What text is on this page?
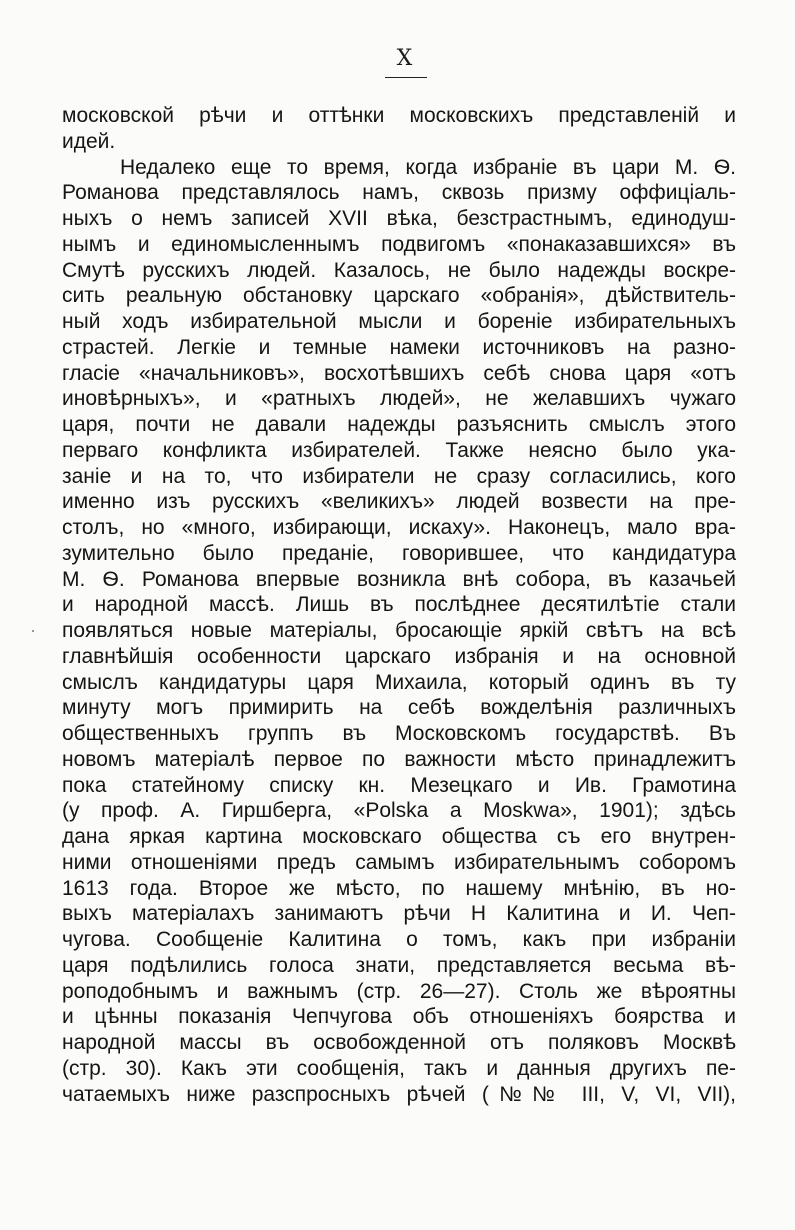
X
московской рѣчи и оттѣнки московскихъ представленій и
идей.
Недалеко еще то время, когда избраніе въ цари М. Ѳ.
Романова представлялось намъ, сквозь призму оффиціаль-
ныхъ о немъ записей XVII вѣка, безстрастнымъ, единодуш-
нымъ и единомысленнымъ подвигомъ «понаказавшихся» въ
Смутѣ русскихъ людей. Казалось, не было надежды воскре-
сить реальную обстановку царскаго «обранія», дѣйствитель-
ный ходъ избирательной мысли и бореніе избирательныхъ
страстей. Легкіе и темные намеки источниковъ на разно-
гласіе «начальниковъ», восхотѣвшихъ себѣ снова царя «отъ
иновѣрныхъ», и «ратныхъ людей», не желавшихъ чужаго
царя, почти не давали надежды разъяснить смыслъ этого
перваго конфликта избирателей. Также неясно было ука-
заніе и на то, что избиратели не сразу согласились, кого
именно изъ русскихъ «великихъ» людей возвести на пре-
столъ, но «много, избирающи, искаху». Наконецъ, мало вра-
зумительно было преданіе, говорившее, что кандидатура
М. Ѳ. Романова впервые возникла внѣ собора, въ казачьей
и народной массѣ. Лишь въ послѣднее десятилѣтіе стали
появляться новые матеріалы, бросающіе яркій свѣтъ на всѣ
главнѣйшія особенности царскаго избранія и на основной
смыслъ кандидатуры царя Михаила, который одинъ въ ту
минуту могъ примирить на себѣ вожделѣнія различныхъ
общественныхъ группъ въ Московскомъ государствѣ. Въ
новомъ матеріалѣ первое по важности мѣсто принадлежитъ
пока статейному списку кн. Мезецкаго и Ив. Грамотина
(у проф. А. Гиршберга, «Polska a Moskwa», 1901); здѣсь
дана яркая картина московскаго общества съ его внутрен-
ними отношеніями предъ самымъ избирательнымъ соборомъ
1613 года. Второе же мѣсто, по нашему мнѣнію, въ но-
выхъ матеріалахъ занимаютъ рѣчи Н Калитина и И. Чеп-
чугова. Сообщеніе Калитина о томъ, какъ при избраніи
царя подѣлились голоса знати, представляется весьма вѣ-
роподобнымъ и важнымъ (стр. 26—27). Столь же вѣроятны
и цѣнны показанія Чепчугова объ отношеніяхъ боярства и
народной массы въ освобожденной отъ поляковъ Москвѣ
(стр. 30). Какъ эти сообщенія, такъ и данныя другихъ пе-
чатаемыхъ ниже разспросныхъ рѣчей (№№ III, V, VI, VII),
